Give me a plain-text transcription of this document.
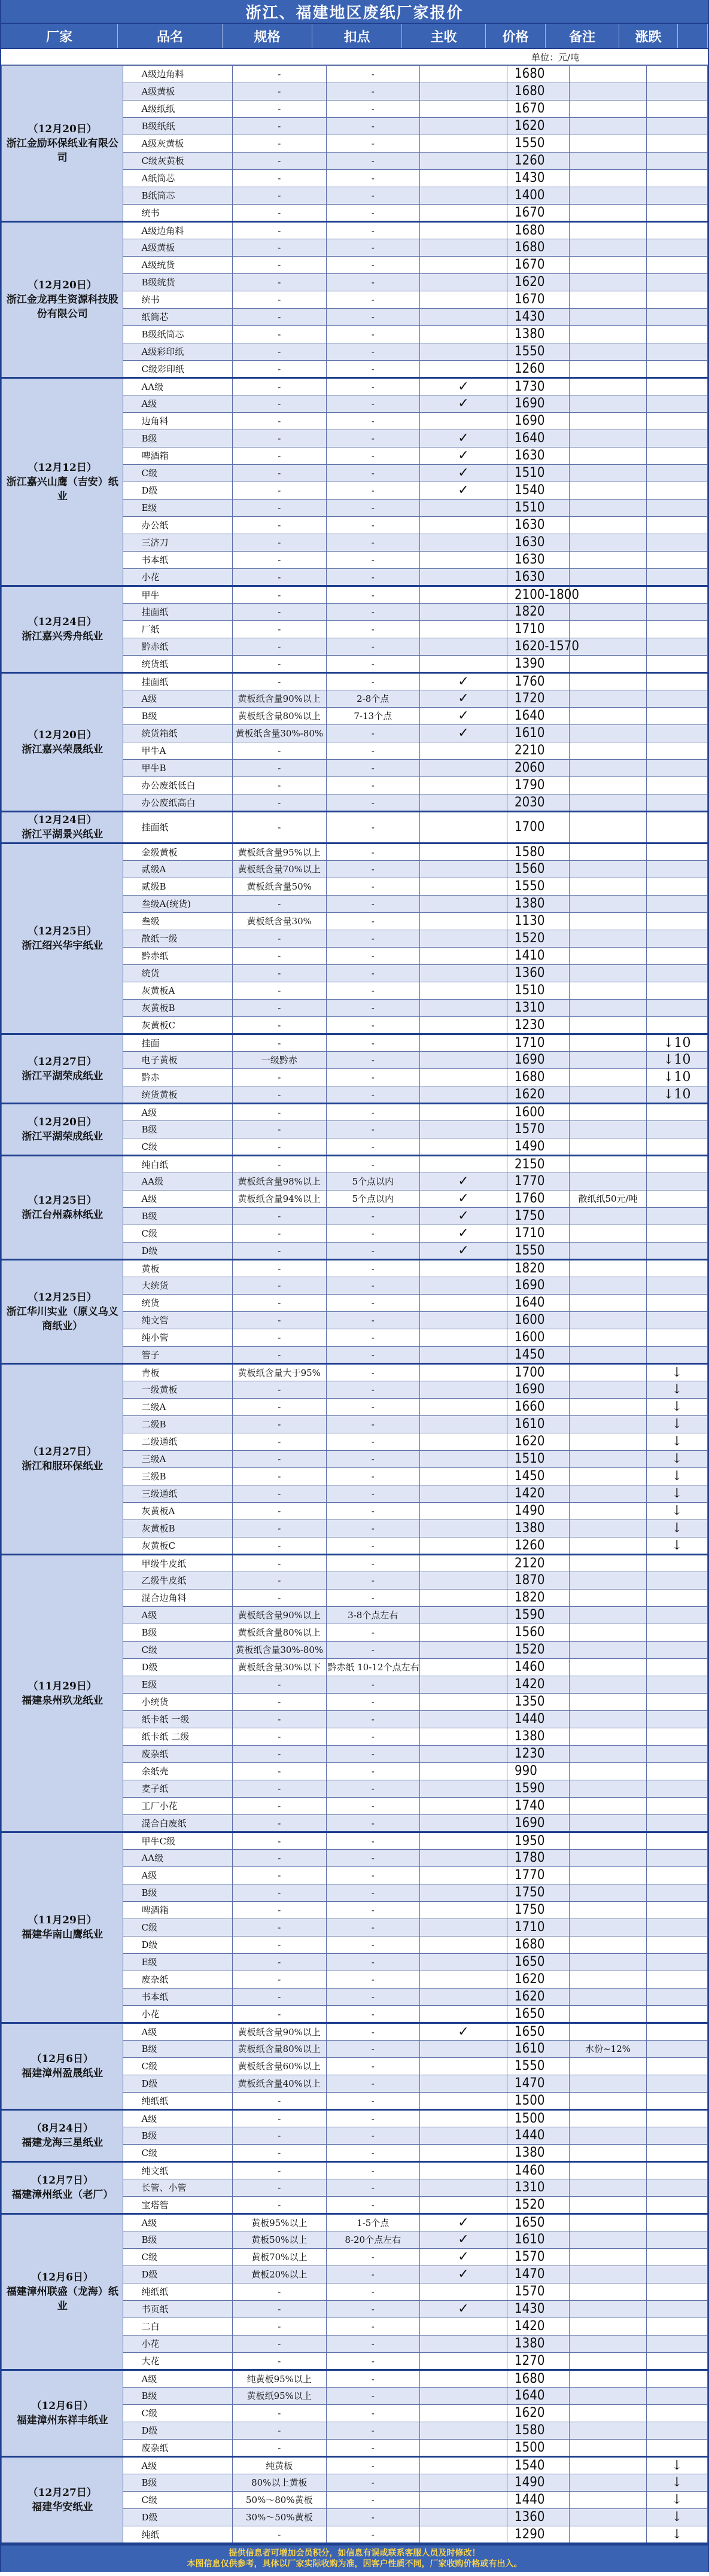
浙江、福建地区废纸厂家报价
厂家	品名	规格	扣点	主收	价格	备注	涨跌
单位：元/吨
（12月20日）
浙江金励环保纸业有限公司	A级边角料	-	-		1680		
	A级黄板	-	-		1680		
	A级纸纸	-	-		1670		
	B级纸纸	-	-		1620		
	A级灰黄板	-	-		1550		
	C级灰黄板	-	-		1260		
	A纸筒芯	-	-		1430		
	B纸筒芯	-	-		1400		
	统书	-	-		1670		

（12月20日）
浙江金龙再生资源科技股份有限公司	A级边角料	-	-		1680		
	A级黄板	-	-		1680		
	A级统货	-	-		1670		
	B级统货	-	-		1620		
	统书	-	-		1670		
	纸筒芯	-	-		1430		
	B级纸筒芯	-	-		1380		
	A级彩印纸	-	-		1550		
	C级彩印纸	-	-		1260		

（12月12日）
浙江嘉兴山鹰（吉安）纸业	AA级	-	-	✓	1730		
	A级	-	-	✓	1690		
	边角料	-	-		1690		
	B级	-	-	✓	1640		
	啤酒箱	-	-	✓	1630		
	C级	-	-	✓	1510		
	D级	-	-	✓	1540		
	E级	-	-		1510		
	办公纸	-	-		1630		
	三济刀	-	-		1630		
	书本纸	-	-		1630		
	小花	-	-		1630		

（12月24日）
浙江嘉兴秀舟纸业	甲牛	-	-		2100-1800		
	挂面纸	-	-		1820		
	厂纸	-	-		1710		
	黔赤纸	-	-		1620-1570		
	统货纸	-	-		1390		

（12月20日）
浙江嘉兴荣晟纸业	挂面纸	-	-	✓	1760		
	A级	黄板纸含量90%以上	2-8个点	✓	1720		
	B级	黄板纸含量80%以上	7-13个点	✓	1640		
	统货箱纸	黄板纸含量30%-80%	-	✓	1610		
	甲牛A	-	-		2210		
	甲牛B	-	-		2060		
	办公废纸低白	-	-		1790		
	办公废纸高白	-	-		2030		

（12月24日）
浙江平湖景兴纸业	挂面纸	-	-		1700		

（12月25日）
浙江绍兴华宇纸业	金级黄板	黄板纸含量95%以上	-		1580		
	贰级A	黄板纸含量70%以上	-		1560		
	贰级B	黄板纸含量50%	-		1550		
	叁级A(统货)	-	-		1380		
	叁级	黄板纸含量30%	-		1130		
	散纸一级	-	-		1520		
	黔赤纸	-	-		1410		
	统货	-	-		1360		
	灰黄板A	-	-		1510		
	灰黄板B	-	-		1310		
	灰黄板C	-	-		1230		

（12月27日）
浙江平湖荣成纸业	挂面	-	-		1710		↓10
	电子黄板	一级黔赤	-		1690		↓10
	黔赤	-	-		1680		↓10
	统货黄板	-	-		1620		↓10

（12月20日）
浙江平湖荣成纸业	A级	-	-		1600		
	B级	-	-		1570		
	C级	-	-		1490		

（12月25日）
浙江台州森林纸业	纯白纸	-	-		2150		
	AA级	黄板纸含量98%以上	5个点以内	✓	1770		
	A级	黄板纸含量94%以上	5个点以内	✓	1760	散纸纸50元/吨	
	B级	-	-	✓	1750		
	C级	-	-	✓	1710		
	D级	-	-	✓	1550		

（12月25日）
浙江华川实业（原义乌义商纸业）	黄板	-	-		1820		
	大统货	-	-		1690		
	统货	-	-		1640		
	纯文管	-	-		1600		
	纯小管	-	-		1600		
	管子	-	-		1450		

（12月27日）
浙江和服环保纸业	青板	黄板纸含量大于95%	-		1700		↓
	一级黄板	-	-		1690		↓
	二级A	-	-		1660		↓
	二级B	-	-		1610		↓
	二级通纸	-	-		1620		↓
	三级A	-	-		1510		↓
	三级B	-	-		1450		↓
	三级通纸	-	-		1420		↓
	灰黄板A	-	-		1490		↓
	灰黄板B	-	-		1380		↓
	灰黄板C	-	-		1260		↓

（11月29日）
福建泉州玖龙纸业	甲级牛皮纸	-	-		2120		
	乙级牛皮纸	-	-		1870		
	混合边角料	-	-		1820		
	A级	黄板纸含量90%以上	3-8个点左右		1590		
	B级	黄板纸含量80%以上	-		1560		
	C级	黄板纸含量30%-80%	-		1520		
	D级	黄板纸含量30%以下	黔赤纸 10-12个点左右		1460		
	E级	-	-		1420		
	小统货	-	-		1350		
	纸卡纸 一级	-	-		1440		
	纸卡纸 二级	-	-		1380		
	废杂纸	-	-		1230		
	余纸壳	-	-		990		
	麦子纸	-	-		1590		
	工厂小花	-	-		1740		
	混合白废纸	-	-		1690		

（11月29日）
福建华南山鹰纸业	甲牛C级	-	-		1950		
	AA级	-	-		1780		
	A级	-	-		1770		
	B级	-	-		1750		
	啤酒箱	-	-		1750		
	C级	-	-		1710		
	D级	-	-		1680		
	E级	-	-		1650		
	废杂纸	-	-		1620		
	书本纸	-	-		1620		
	小花	-	-		1650		

（12月6日）
福建漳州盈晟纸业	A级	黄板纸含量90%以上	-	✓	1650		
	B级	黄板纸含量80%以上	-		1610	水份~12%	
	C级	黄板纸含量60%以上	-		1550		
	D级	黄板纸含量40%以上	-		1470		
	纯纸纸	-	-		1500		

（8月24日）
福建龙海三星纸业	A级	-	-		1500		
	B级	-	-		1440		
	C级	-	-		1380		

（12月7日）
福建漳州纸业（老厂）	纯文纸	-	-		1460		
	长管、小管	-	-		1310		
	宝塔管	-	-		1520		

（12月6日）
福建漳州联盛（龙海）纸业	A级	黄板95%以上	1-5个点	✓	1650		
	B级	黄板50%以上	8-20个点左右	✓	1610		
	C级	黄板70%以上	-	✓	1570		
	D级	黄板20%以上	-	✓	1470		
	纯纸纸	-	-		1570		
	书页纸	-	-	✓	1430		
	二白	-	-		1420		
	小花	-	-		1380		
	大花	-	-		1270		

（12月6日）
福建漳州东祥丰纸业	A级	纯黄板95%以上	-		1680		
	B级	黄板纸95%以上	-		1640		
	C级	-	-		1620		
	D级	-	-		1580		
	废杂纸	-	-		1500		

（12月27日）
福建华安纸业	A级	纯黄板	-		1540		↓
	B级	80%以上黄板	-		1490		↓
	C级	50%～80%黄板	-		1440		↓
	D级	30%～50%黄板	-		1360		↓
	纯纸	-	-		1290		↓
提供信息者可增加会员积分，如信息有误或联系客服人员及时修改！
本图信息仅供参考，具体以厂家实际收购为准，因客户性质不同，厂家收购价格或有出入。
